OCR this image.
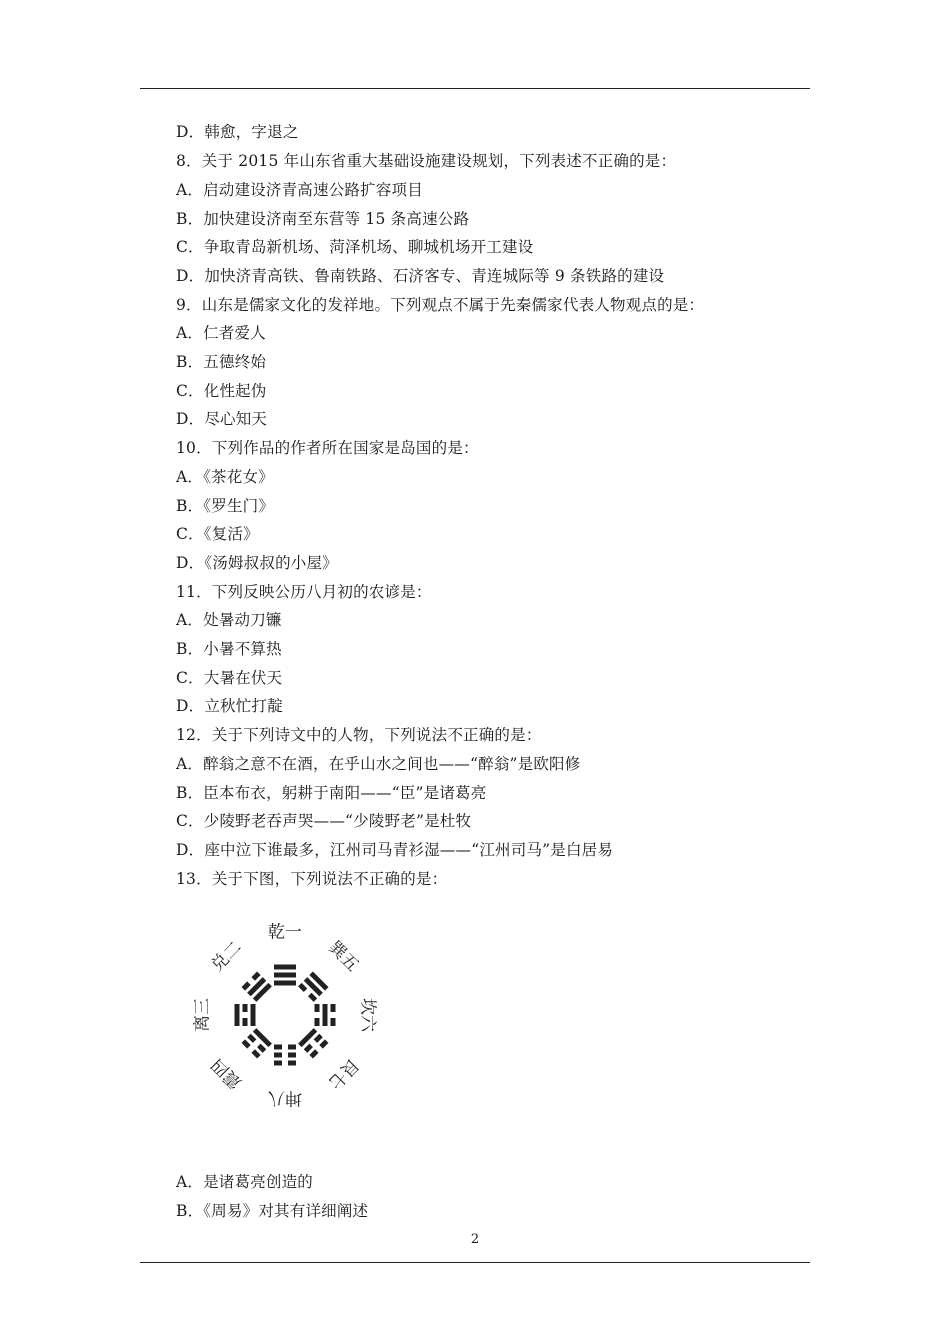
D．韩愈，字退之
8．关于 2015 年山东省重大基础设施建设规划，下列表述不正确的是：
A．启动建设济青高速公路扩容项目
B．加快建设济南至东营等 15 条高速公路
C．争取青岛新机场、菏泽机场、聊城机场开工建设
D．加快济青高铁、鲁南铁路、石济客专、青连城际等 9 条铁路的建设
9．山东是儒家文化的发祥地。下列观点不属于先秦儒家代表人物观点的是：
A．仁者爱人
B．五德终始
C．化性起伪
D．尽心知天
10．下列作品的作者所在国家是岛国的是：
A．《茶花女》
B．《罗生门》
C．《复活》
D．《汤姆叔叔的小屋》
11．下列反映公历八月初的农谚是：
A．处暑动刀镰
B．小暑不算热
C．大暑在伏天
D．立秋忙打靛
12．关于下列诗文中的人物，下列说法不正确的是：
A．醉翁之意不在酒，在乎山水之间也——“醉翁”是欧阳修
B．臣本布衣，躬耕于南阳——“臣”是诸葛亮
C．少陵野老吞声哭——“少陵野老”是杜牧
D．座中泣下谁最多，江州司马青衫湿——“江州司马”是白居易
13．关于下图，下列说法不正确的是：
乾一
巽五
坎六
艮七
坤八
震四
离三
兑二
A．是诸葛亮创造的
B．《周易》对其有详细阐述
2
